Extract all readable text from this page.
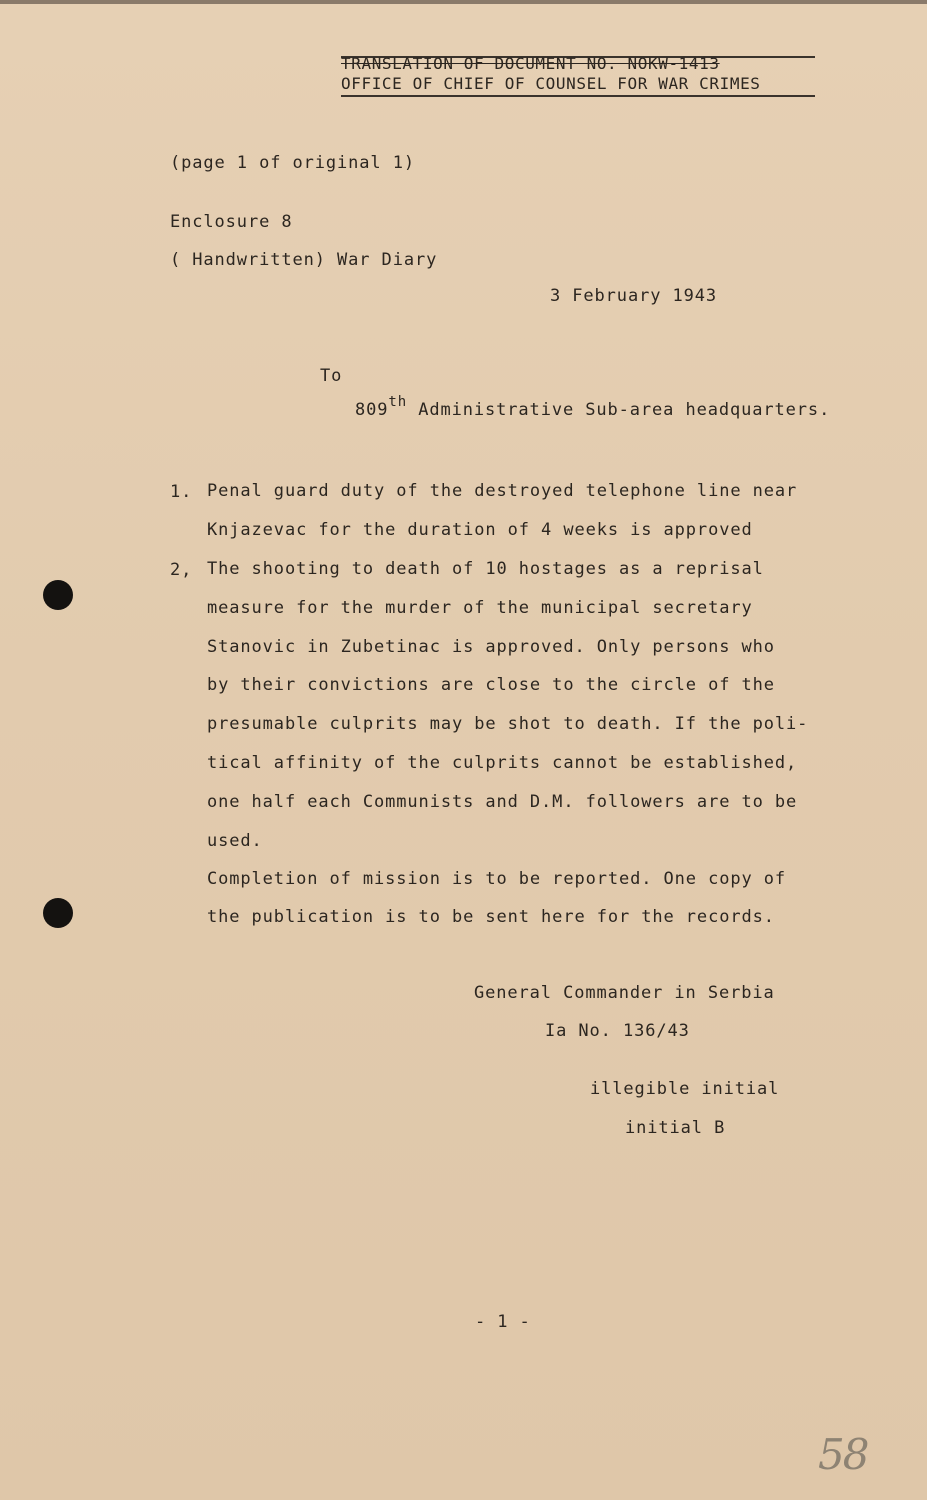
TRANSLATION OF DOCUMENT NO. NOKW-1413
OFFICE OF CHIEF OF COUNSEL FOR WAR CRIMES
(page 1 of original 1)
Enclosure 8
( Handwritten) War Diary
3 February 1943
To
809th Administrative Sub-area headquarters.
1. Penal guard duty of the destroyed telephone line near
Knjazevac for the duration of 4 weeks is approved
2, The shooting to death of 10 hostages as a reprisal
measure for the murder of the municipal secretary
Stanovic in Zubetinac is approved. Only persons who
by their convictions are close to the circle of the
presumable culprits may be shot to death. If the poli-
tical affinity of the culprits cannot be established,
one half each Communists and D.M. followers are to be
used.
Completion of mission is to be reported. One copy of
the publication is to be sent here for the records.
General Commander in Serbia
Ia No. 136/43
illegible initial
initial B
- 1 -
58
